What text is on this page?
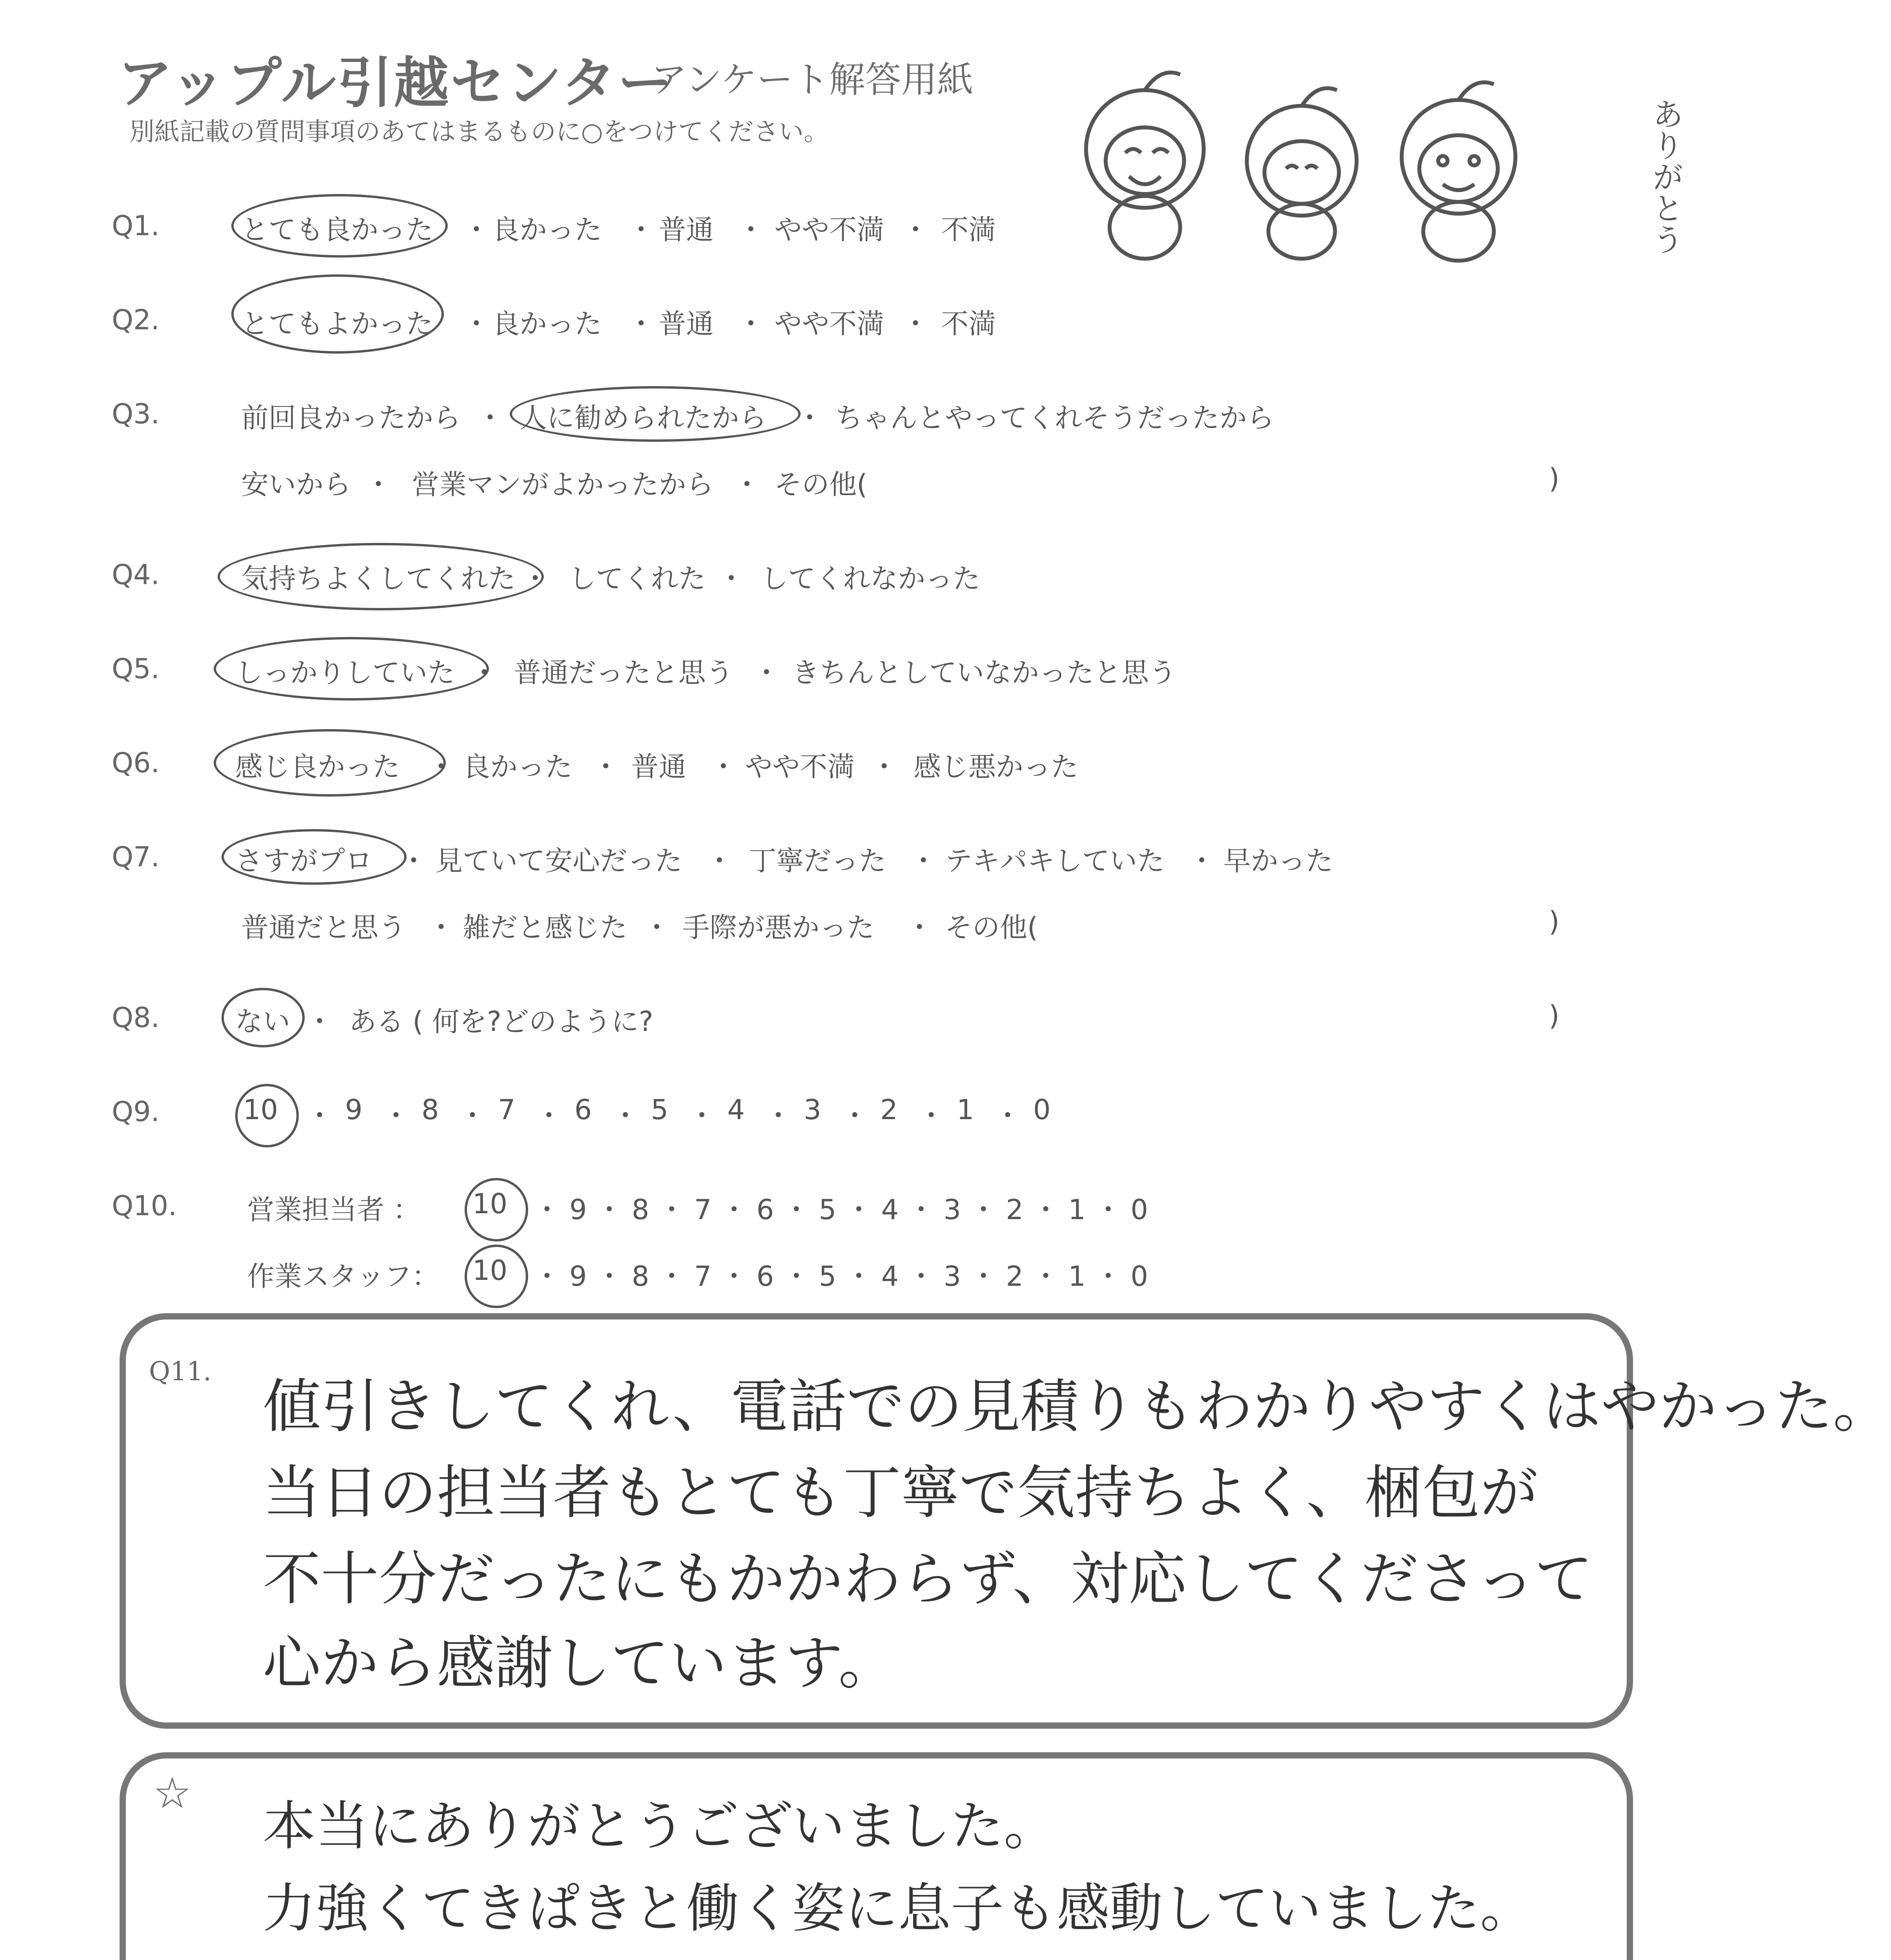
アップル引越センター
アンケート解答用紙
別紙記載の質問事項のあてはまるものに○をつけてください。	ありがとう
Q1.	とても良かった ・ 良かった ・ 普通 ・ やや不満 ・ 不満
Q2.	とてもよかった ・ 良かった ・ 普通 ・ やや不満 ・ 不満
Q3.	前回良かったから ・ 人に勧められたから ・ ちゃんとやってくれそうだったから
安いから ・ 営業マンがよかったから ・ その他(	)
Q4.	気持ちよくしてくれた ・ してくれた ・ してくれなかった
Q5.	しっかりしていた ・ 普通だったと思う ・ きちんとしていなかったと思う
Q6.	感じ良かった ・ 良かった ・ 普通 ・ やや不満 ・ 感じ悪かった
Q7.	さすがプロ ・ 見ていて安心だった ・ 丁寧だった ・ テキパキしていた ・ 早かった
普通だと思う ・ 雑だと感じた ・ 手際が悪かった ・ その他(	)
Q8.	ない ・ ある ( 何を?どのように?	)
Q9.	10 ・ 9 ・ 8 ・ 7 ・ 6 ・ 5 ・ 4 ・ 3 ・ 2 ・ 1 ・ 0
Q10.	営業担当者 ： 10 ・ 9 ・ 8 ・ 7 ・ 6 ・ 5 ・ 4 ・ 3 ・ 2 ・ 1 ・ 0
作業スタッフ： 10 ・ 9 ・ 8 ・ 7 ・ 6 ・ 5 ・ 4 ・ 3 ・ 2 ・ 1 ・ 0
Q11.
値引きしてくれ、電話での見積りもわかりやすくはやかった。
当日の担当者もとても丁寧で気持ちよく、梱包が
不十分だったにもかかわらず、対応してくださって
心から感謝しています。
☆
本当にありがとうございました。
力強くてきぱきと働く姿に息子も感動していました。
